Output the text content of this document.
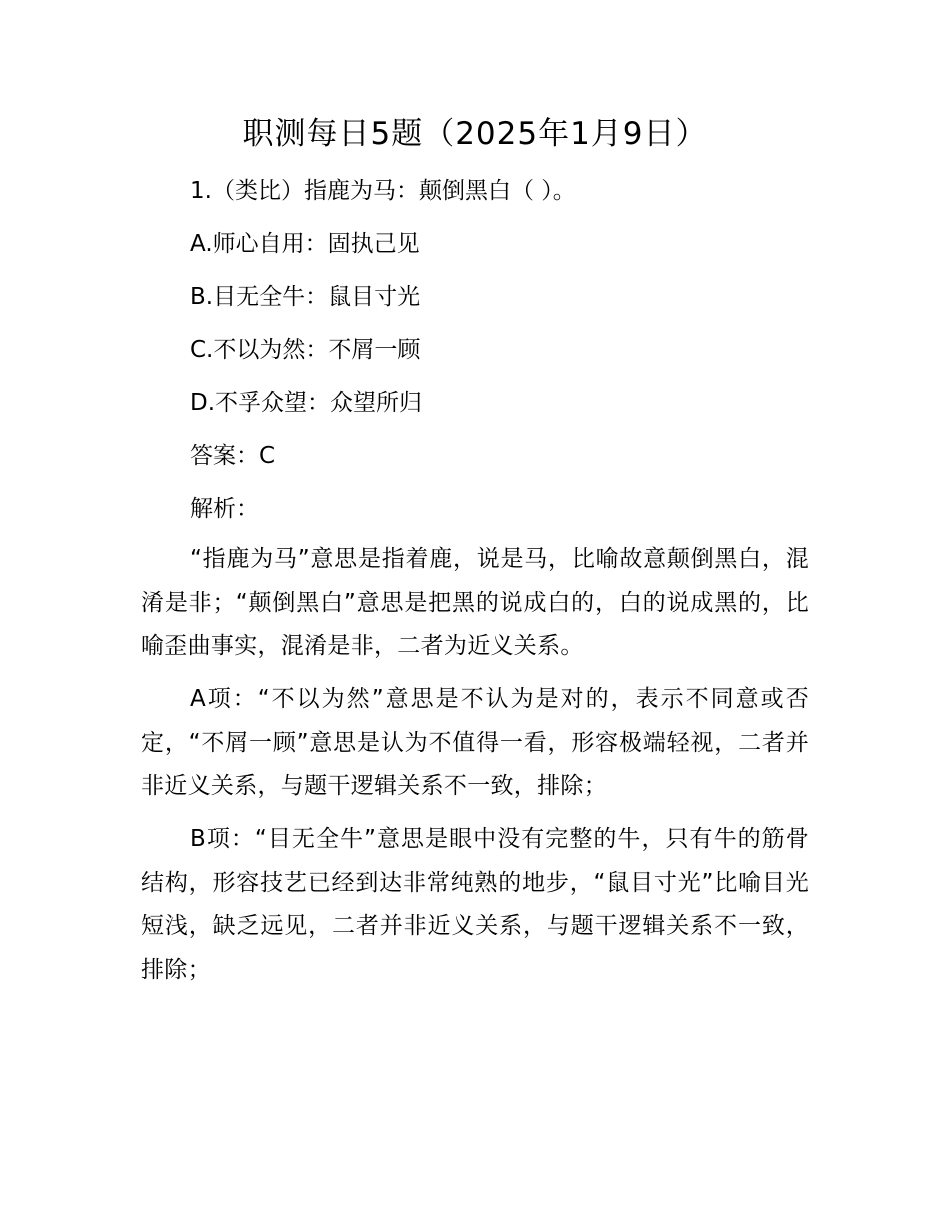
职测每日5题（2025年1月9日）
1.（类比）指鹿为马：颠倒黑白（ ）。
A.师心自用：固执己见
B.目无全牛：鼠目寸光
C.不以为然：不屑一顾
D.不孚众望：众望所归
答案：C
解析：
“指鹿为马”意思是指着鹿，说是马，比喻故意颠倒黑白，混淆是非；“颠倒黑白”意思是把黑的说成白的，白的说成黑的，比喻歪曲事实，混淆是非，二者为近义关系。
A项：“不以为然”意思是不认为是对的，表示不同意或否定，“不屑一顾”意思是认为不值得一看，形容极端轻视，二者并非近义关系，与题干逻辑关系不一致，排除；
B项：“目无全牛”意思是眼中没有完整的牛，只有牛的筋骨结构，形容技艺已经到达非常纯熟的地步，“鼠目寸光”比喻目光短浅，缺乏远见，二者并非近义关系，与题干逻辑关系不一致，排除；
